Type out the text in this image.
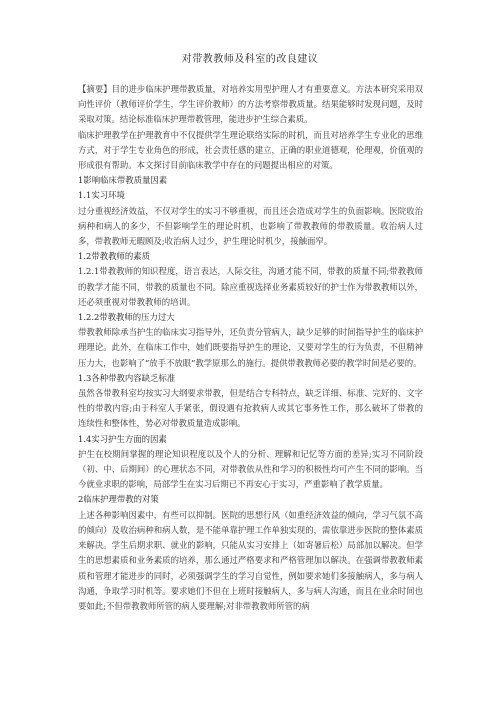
对带教教师及科室的改良建议

【摘要】目的进步临床护理带教质量，对培养实用型护理人才有重要意义。方法本研究采用双向性评价（教师评价学生，学生评价教师）的方法考察带教质量。结果能够时发现问题，及时采取对策。结论标准临床护理带教管理，能进步护生综合素质。

临床护理教学在护理教育中不仅提供学生理论联络实际的时机，而且对培养学生专业化的思维方式，对于学生专业角色的形成，社会责任感的建立，正确的职业道德观，伦理观，价值观的形成很有帮助。本文探讨目前临床教学中存在的问题提出相应的对策。

1影响临床带教质量因素

1.1实习环境

过分重视经济效益，不仅对学生的实习不够重视，而且还会造成对学生的负面影响。医院收治病种和病人的多少，不但影响学生的理论时机，也影响了带教教师的带教质量。收治病人过多，带教教师无暇顾及;收治病人过少，护生理论时机少，接触面窄。

1.2带教教师的素质

1.2.1带教教师的知识程度，语言表达，人际交往，沟通才能不同，带教的质量不同;带教教师的教学才能不同，带教的质量也不同。除应重视选择业务素质较好的护士作为带教教师以外，还必须重视对带教教师的培训。

1.2.2带教教师的压力过大

带教教师除承当护生的临床实习指导外，还负责分管病人，缺少足够的时间指导护生的临床护理理论。此外，在临床工作中，她们既要指导护生的理论，又要对学生的行为负责，不但精神压力大，也影响了“放手不放眼”教学原那么的施行。提供带教教师必要的教学时间是必要的。

1.3各种带教内容缺乏标准

虽然各带教科室均按实习大纲要求带教，但是结合专科特点，缺乏详细、标准、完好的、文字性的带教内容;由于科室人手紧张，假设遇有抢救病人或其它事务性工作，那么破坏了带教的连续性和整体性，势必对带教质量造成影响。

1.4实习护生方面的因素

护生在校期间掌握的理论知识程度以及个人的分析、理解和记忆等方面的差异;实习不同阶段（初、中、后期间）的心理状态不同，对带教依从性和学习的积极性均可产生不同的影响。当今就业求职的影响，局部学生在实习后期已不再安心于实习，严重影响了教学质量。

2临床护理带教的对策

上述各种影响因素中，有些可以抑制。医院的思想行风（如重经济效益的倾向，学习气氛不高的倾向）及收治病种和病人数，是不能单靠护理工作单独实现的，需依靠进步医院的整体素质来解决。学生后期求职、就业的影响，只能从实习安排上（如寄暑后松）局部加以解决。但学生的思想素质和业务素质的培养，那么通过严格要求和严格管理加以解决。在强调带教教师素质和管理才能进步的同时，必须强调学生的学习自觉性，例如要求她们多接触病人，多与病人沟通，争取学习时机等。要求她们不但在上班时接触病人，多与病人沟通，而且在业余时间也要如此;不但带教教师所管的病人要理解;对非带教教师所管的病
